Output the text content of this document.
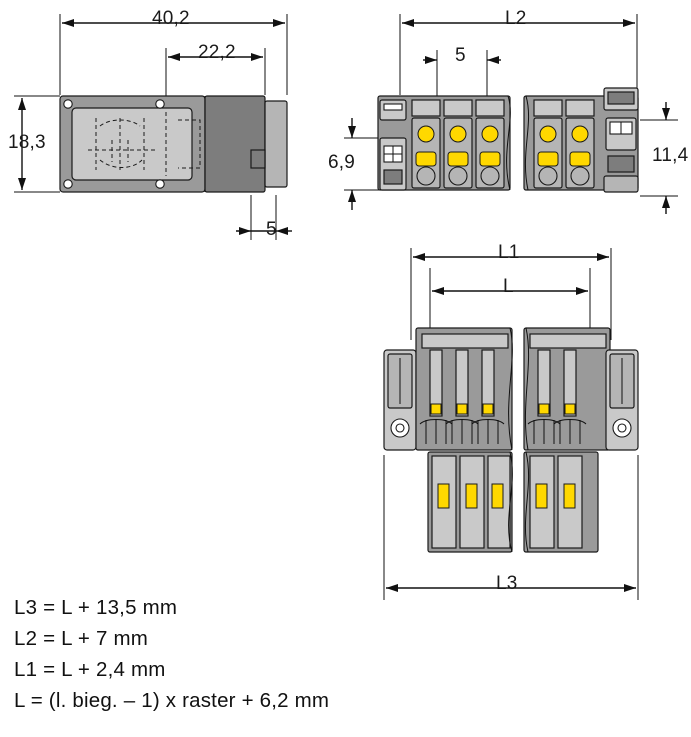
40,2
22,2
18,3
5
L2
5
6,9	11,4
L1
L
L3
L3 = L + 13,5 mm
L2 = L + 7 mm
L1 = L + 2,4 mm
L = (l. bieg. – 1) x raster + 6,2 mm
